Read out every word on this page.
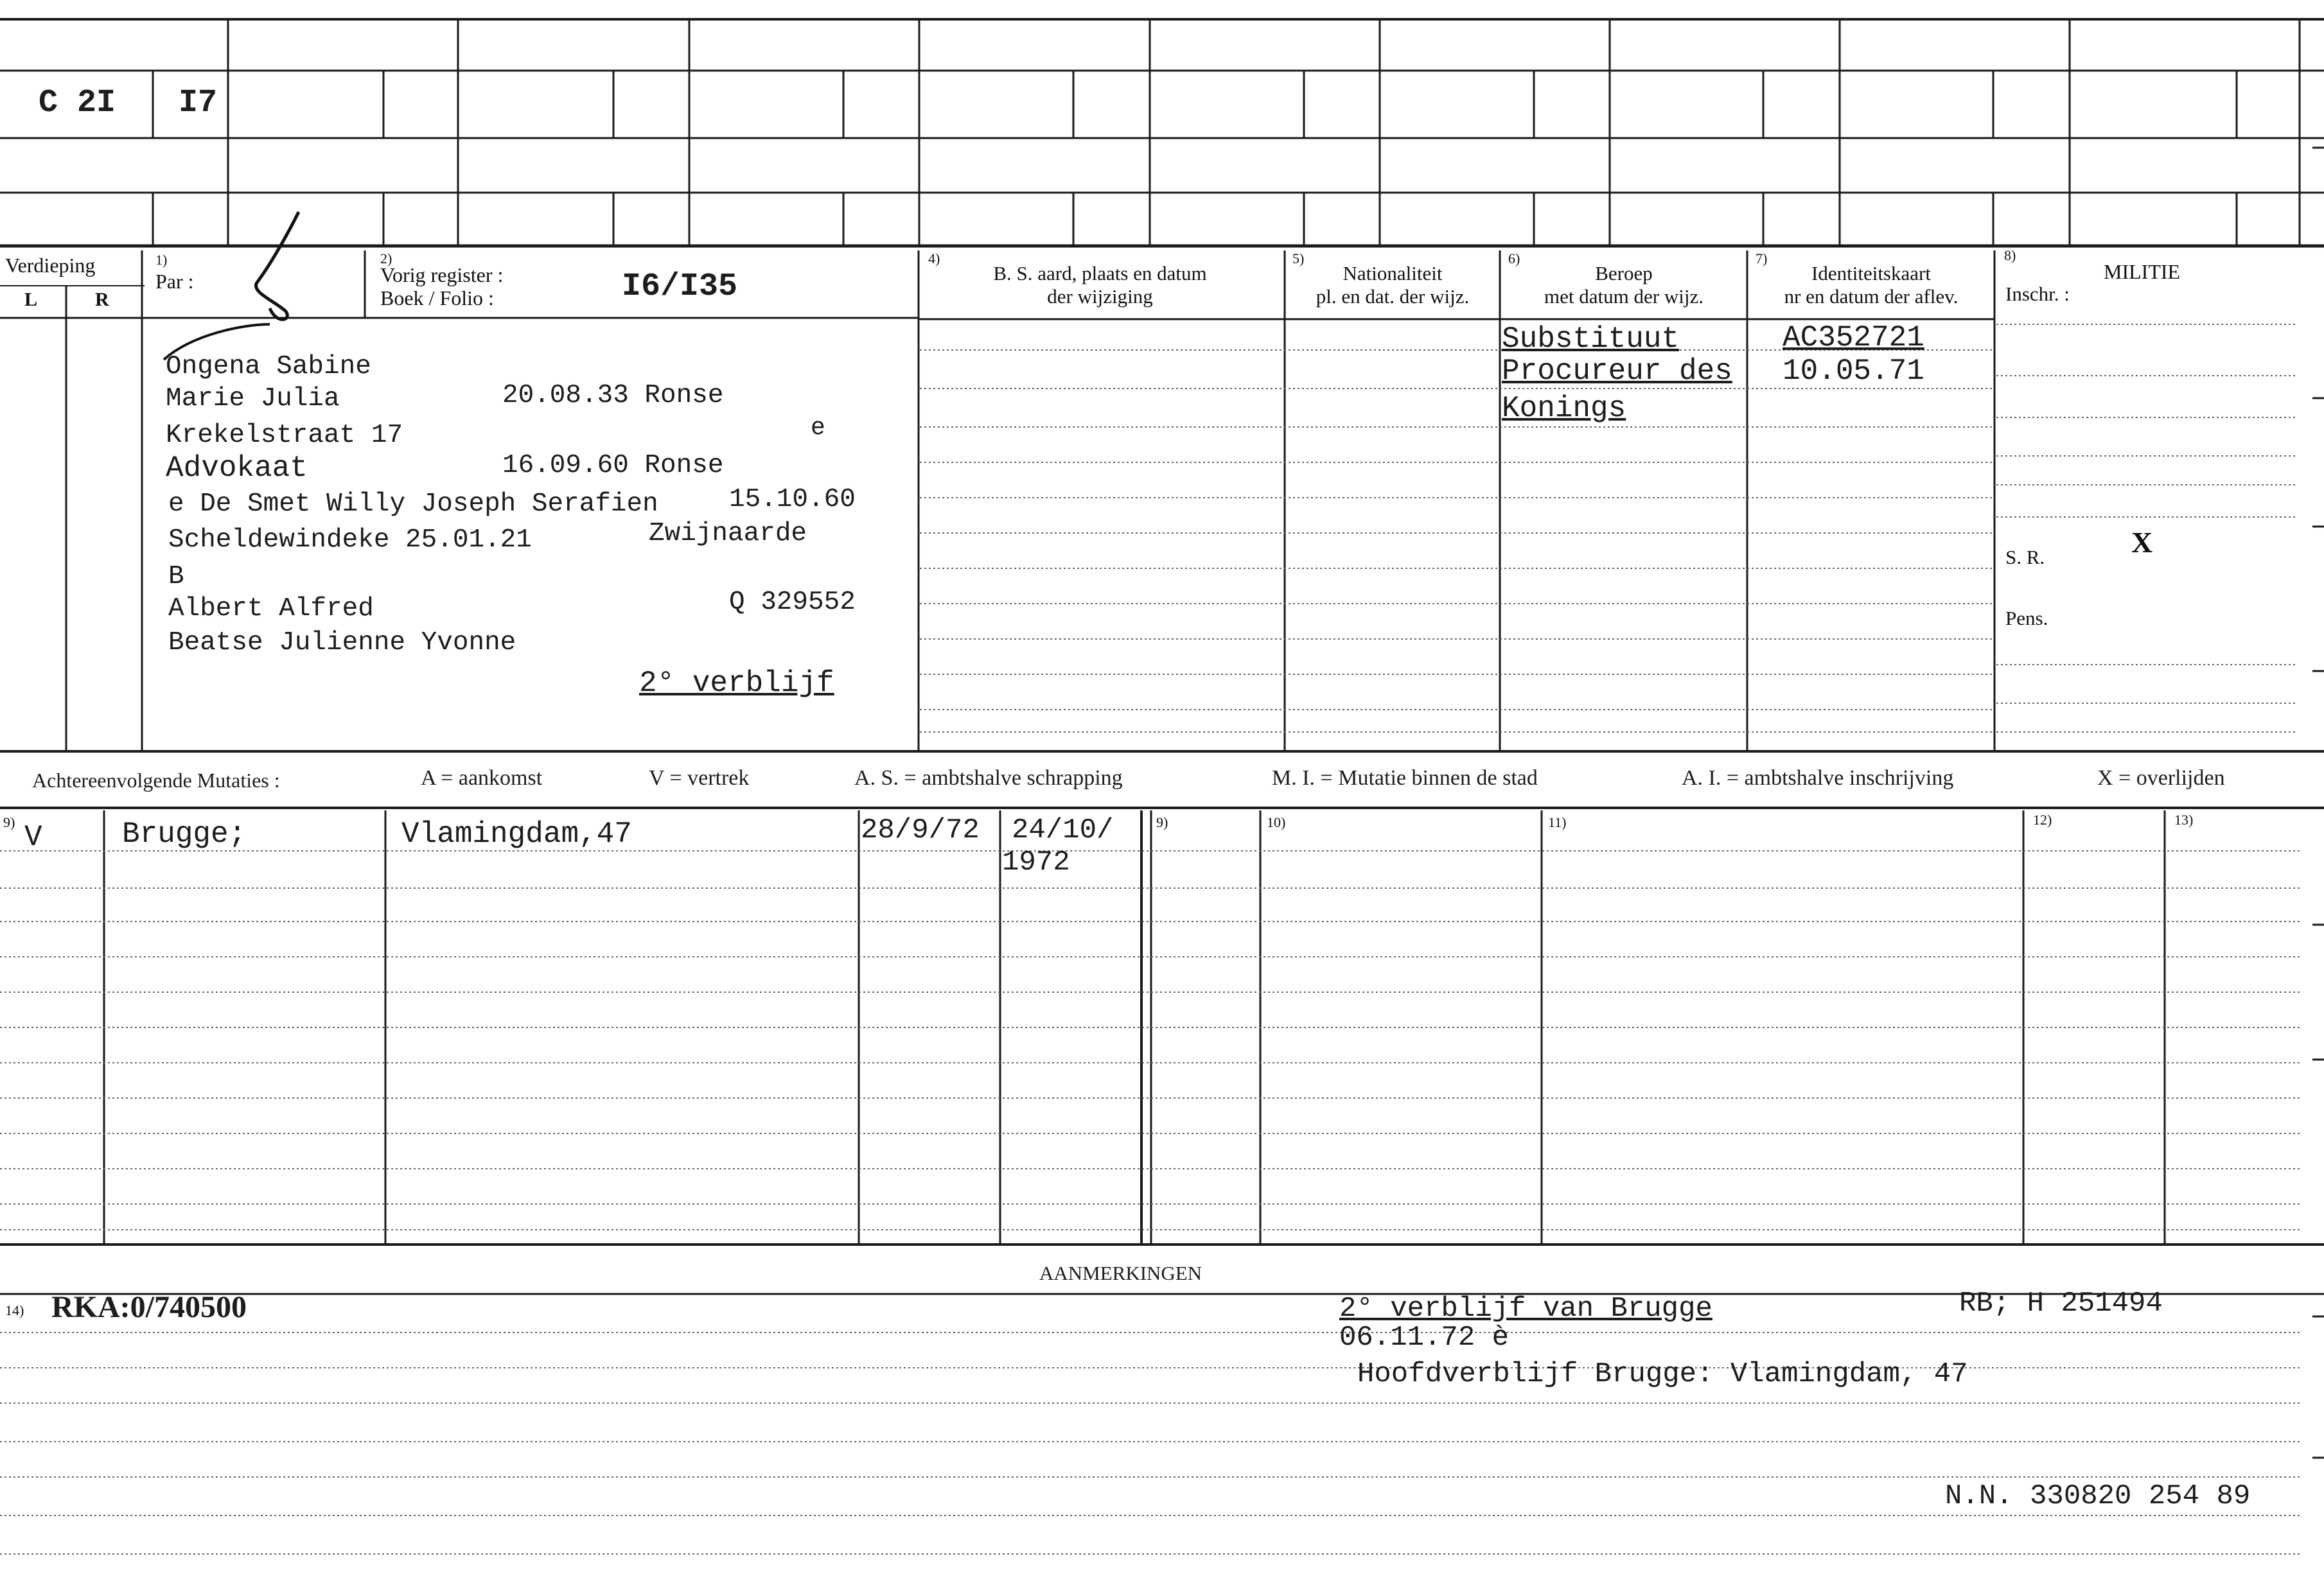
C 2I I7
Verdieping
L	R
1)
Par :
2)
Vorig register :
Boek / Folio :	I6/I35
4)
B. S. aard, plaats en datum
der wijziging
5)
Nationaliteit
pl. en dat. der wijz.
6)
Beroep
met datum der wijz.
7)
Identiteitskaart
nr en datum der aflev.
8)
MILITIE
Inschr. :
Ongena Sabine
Marie Julia	20.08.33 Ronse
Krekelstraat 17	e
Advokaat	16.09.60 Ronse
e De Smet Willy Joseph Serafien	15.10.60
Scheldewindeke 25.01.21	Zwijnaarde
B
Albert Alfred	Q 329552
Beatse Julienne Yvonne
2° verblijf
Substituut
Procureur des
Konings
AC352721
10.05.71
S. R.	X
Pens.
Achtereenvolgende Mutaties :	A = aankomst	V = vertrek	A. S. = ambtshalve schrapping	M. I. = Mutatie binnen de stad	A. I. = ambtshalve inschrijving	X = overlijden
9)	9)	10)	11)	12)	13)
V	Brugge;	Vlamingdam,47	28/9/72 24/10/
1972
AANMERKINGEN
14) RKA:0/740500	2° verblijf van Brugge	RB; H 251494
06.11.72 è
Hoofdverblijf Brugge: Vlamingdam, 47
N.N. 330820 254 89
